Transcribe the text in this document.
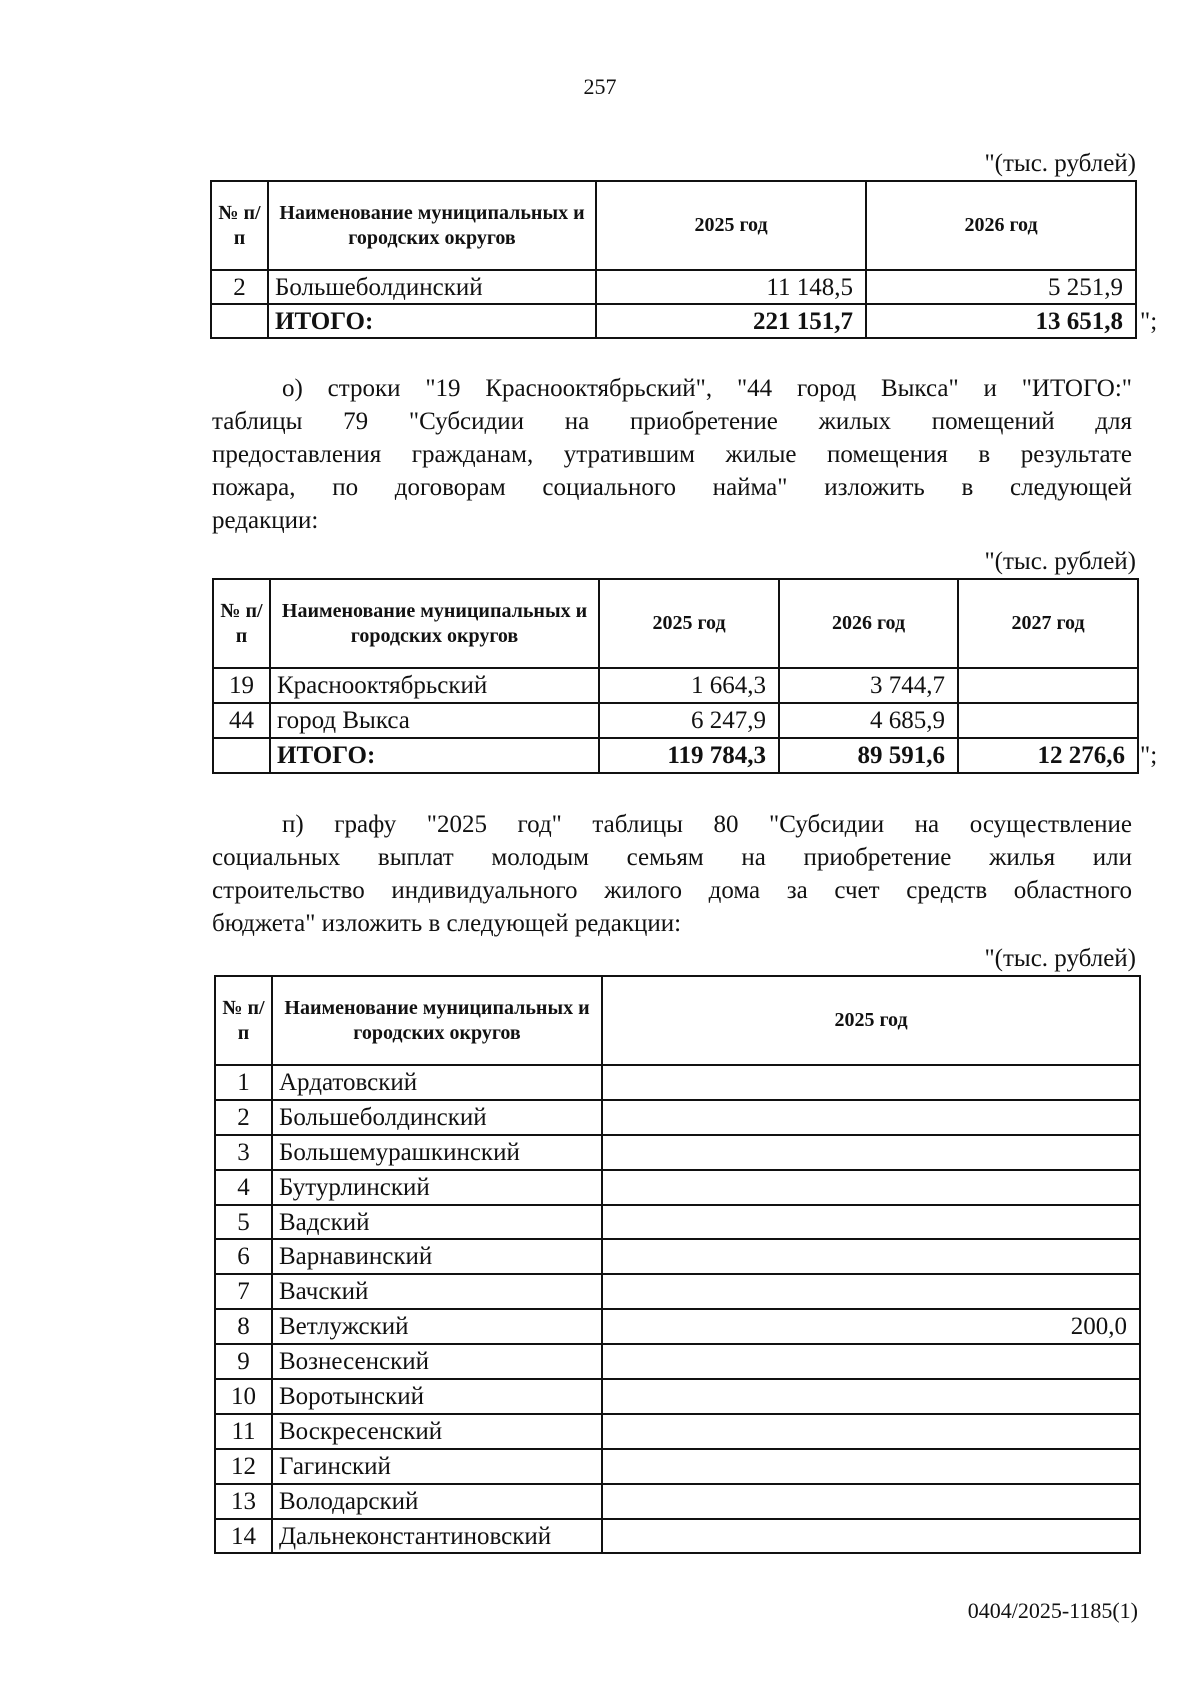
257
"(тыс. рублей)
№ п/п	Наименование муниципальных и городских округов	2025 год	2026 год
2	Большеболдинский	11 148,5	5 251,9
	ИТОГО:	221 151,7	13 651,8 ";
о) строки "19 Краснооктябрьский", "44 город Выкса" и "ИТОГО:"
таблицы 79 "Субсидии на приобретение жилых помещений для
предоставления гражданам, утратившим жилые помещения в результате
пожара, по договорам социального найма" изложить в следующей
редакции:
"(тыс. рублей)
№ п/п	Наименование муниципальных и городских округов	2025 год	2026 год	2027 год
19	Краснооктябрьский	1 664,3	3 744,7	
44	город Выкса	6 247,9	4 685,9	
	ИТОГО:	119 784,3	89 591,6	12 276,6 ";
п) графу "2025 год" таблицы 80 "Субсидии на осуществление
социальных выплат молодым семьям на приобретение жилья или
строительство индивидуального жилого дома за счет средств областного
бюджета" изложить в следующей редакции:
"(тыс. рублей)
№ п/п	Наименование муниципальных и городских округов	2025 год
1	Ардатовский	
2	Большеболдинский	
3	Большемурашкинский	
4	Бутурлинский	
5	Вадский	
6	Варнавинский	
7	Вачский	
8	Ветлужский	200,0
9	Вознесенский	
10	Воротынский	
11	Воскресенский	
12	Гагинский	
13	Володарский	
14	Дальнеконстантиновский	
0404/2025-1185(1)
